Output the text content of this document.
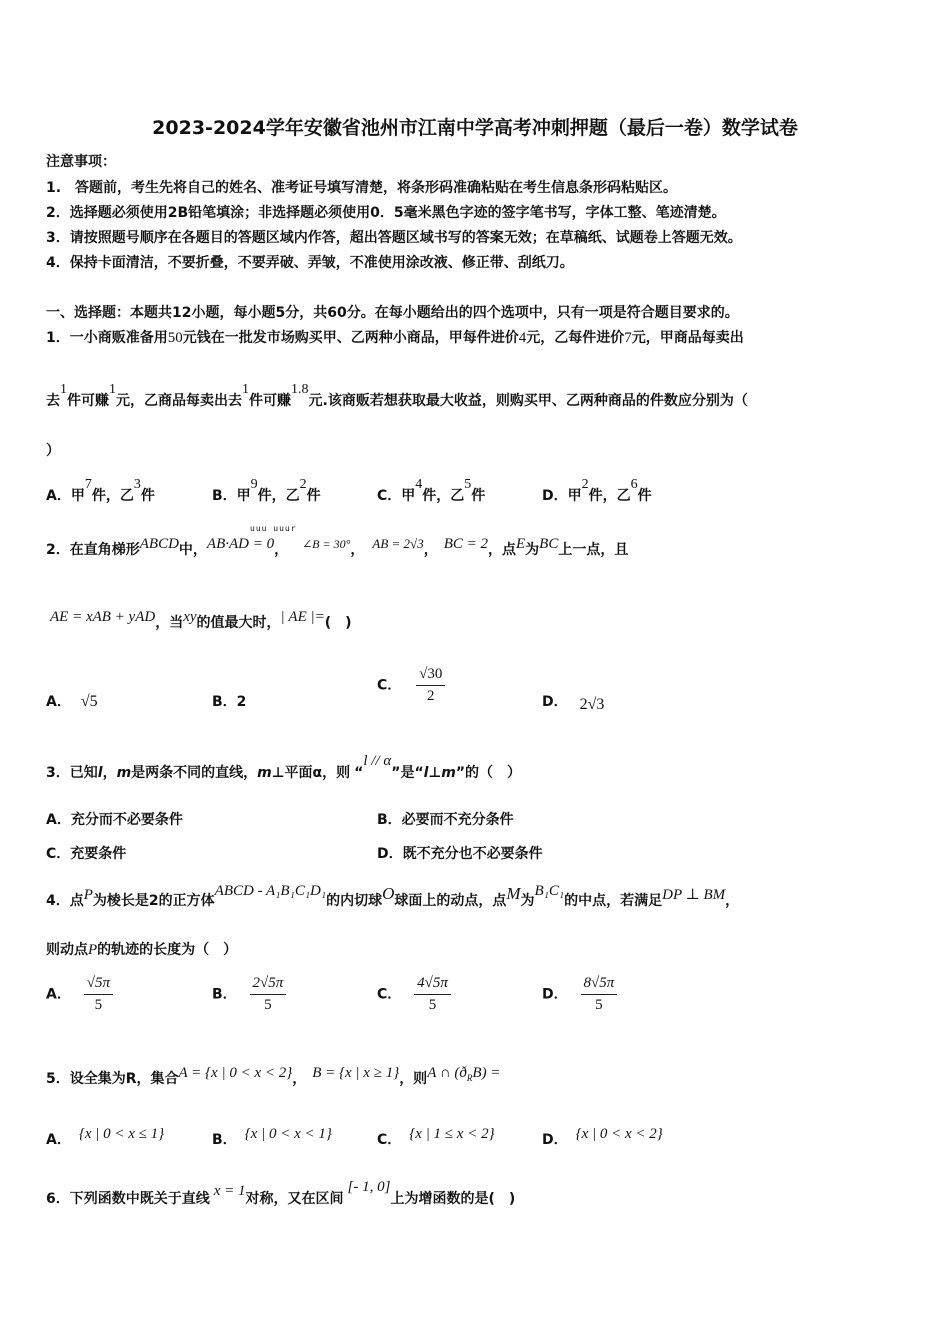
2023-2024学年安徽省池州市江南中学高考冲刺押题（最后一卷）数学试卷
注意事项：
1.　答题前，考生先将自己的姓名、准考证号填写清楚，将条形码准确粘贴在考生信息条形码粘贴区。
2．选择题必须使用2B铅笔填涂；非选择题必须使用0．5毫米黑色字迹的签字笔书写，字体工整、笔迹清楚。
3．请按照题号顺序在各题目的答题区域内作答，超出答题区域书写的答案无效；在草稿纸、试题卷上答题无效。
4．保持卡面清洁，不要折叠，不要弄破、弄皱，不准使用涂改液、修正带、刮纸刀。
一、选择题：本题共12小题，每小题5分，共60分。在每小题给出的四个选项中，只有一项是符合题目要求的。
1．一小商贩准备用50元钱在一批发市场购买甲、乙两种小商品，甲每件进价4元，乙每件进价7元，甲商品每卖出
去1件可赚1元，乙商品每卖出去1件可赚1.8元.该商贩若想获取最大收益，则购买甲、乙两种商品的件数应分别为（
）
A．甲7件，乙3件	B．甲9件，乙2件	C．甲4件，乙5件	D．甲2件，乙6件
uuu uuur
2．在直角梯形ABCD中，AB·AD = 0， ∠B = 30°， AB = 2√3， BC = 2，点E为BC上一点，且
AE = xAB + yAD，当xy的值最大时，| AE |=(　)
A． √5	B．2
C． $\frac{√30}{2}$	D． 2√3
3．已知l，m是两条不同的直线，m⊥平面α，则 “l // α”是“l⊥m”的（　）
A．充分而不必要条件	B．必要而不充分条件
C．充要条件	D．既不充分也不必要条件
4．点P为棱长是2的正方体ABCD - A₁B₁C₁D₁的内切球O球面上的动点，点M为B₁C₁的中点，若满足DP ⊥ BM，
则动点P的轨迹的长度为（　）
A． $\frac{√5\pi}{5}$	B． $\frac{2√5\pi}{5}$	C． $\frac{4√5\pi}{5}$	D． $\frac{8√5\pi}{5}$
5．设全集为R，集合A = {x | 0 < x < 2}， B = {x | x ≥ 1}，则A ∩ (ðRB) =
A． {x | 0 < x ≤ 1}	B． {x | 0 < x < 1}	C． {x | 1 ≤ x < 2}	D． {x | 0 < x < 2}
6．下列函数中既关于直线 x = 1对称，又在区间[- 1, 0]上为增函数的是(　)
